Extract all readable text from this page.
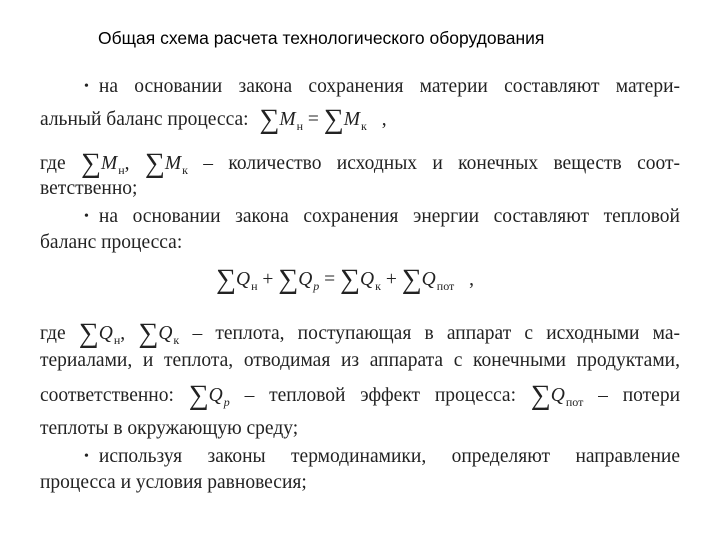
Общая схема расчета технологического оборудования
• на основании закона сохранения материи составляют матери-
альный баланс процесса: $\sum M_н = \sum M_к$ ,
где $\sum M_н$, $\sum M_к$ – количество исходных и конечных веществ соот-
ветственно;
• на основании закона сохранения энергии составляют тепловой
баланс процесса:
$\sum Q_н + \sum Q_p = \sum Q_к + \sum Q_{пот}$ ,
где $\sum Q_н$, $\sum Q_к$ – теплота, поступающая в аппарат с исходными ма-
териалами, и теплота, отводимая из аппарата с конечными продуктами,
соответственно: $\sum Q_p$ – тепловой эффект процесса: $\sum Q_{пот}$ – потери
теплоты в окружающую среду;
• используя законы термодинамики, определяют направление
процесса и условия равновесия;
